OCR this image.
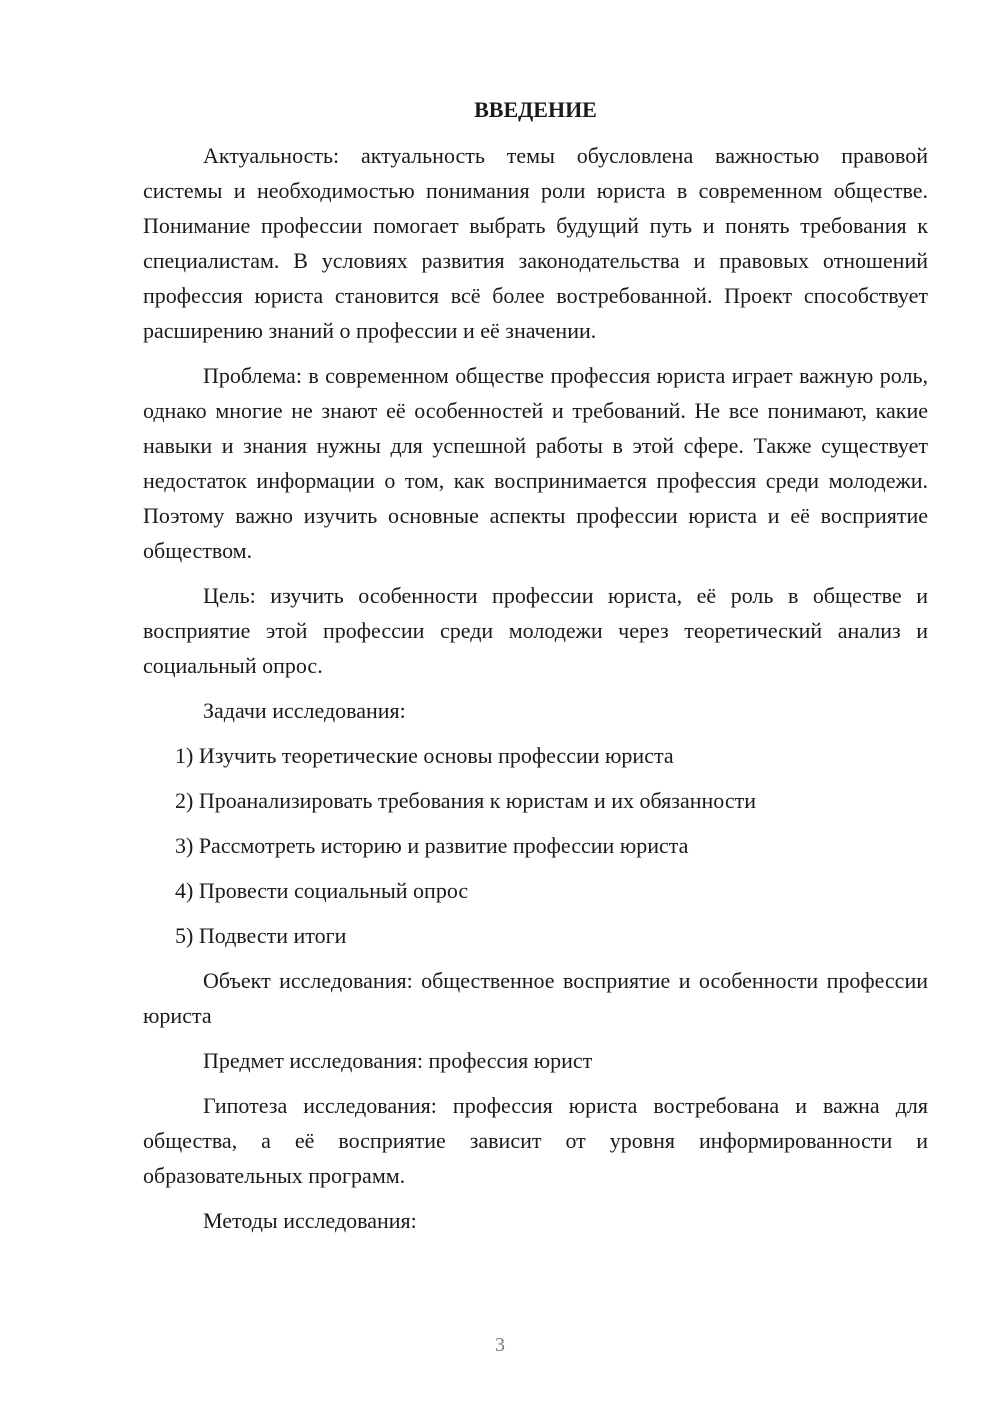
ВВЕДЕНИЕ

Актуальность: актуальность темы обусловлена важностью правовой системы и необходимостью понимания роли юриста в современном обществе. Понимание профессии помогает выбрать будущий путь и понять требования к специалистам. В условиях развития законодательства и правовых отношений профессия юриста становится всё более востребованной. Проект способствует расширению знаний о профессии и её значении.

Проблема: в современном обществе профессия юриста играет важную роль, однако многие не знают её особенностей и требований. Не все понимают, какие навыки и знания нужны для успешной работы в этой сфере. Также существует недостаток информации о том, как воспринимается профессия среди молодежи. Поэтому важно изучить основные аспекты профессии юриста и её восприятие обществом.

Цель: изучить особенности профессии юриста, её роль в обществе и восприятие этой профессии среди молодежи через теоретический анализ и социальный опрос.

Задачи исследования:

1) Изучить теоретические основы профессии юриста
2) Проанализировать требования к юристам и их обязанности
3) Рассмотреть историю и развитие профессии юриста
4) Провести социальный опрос
5) Подвести итоги

Объект исследования: общественное восприятие и особенности профессии юриста

Предмет исследования: профессия юрист

Гипотеза исследования: профессия юриста востребована и важна для общества, а её восприятие зависит от уровня информированности и образовательных программ.

Методы исследования:

3
